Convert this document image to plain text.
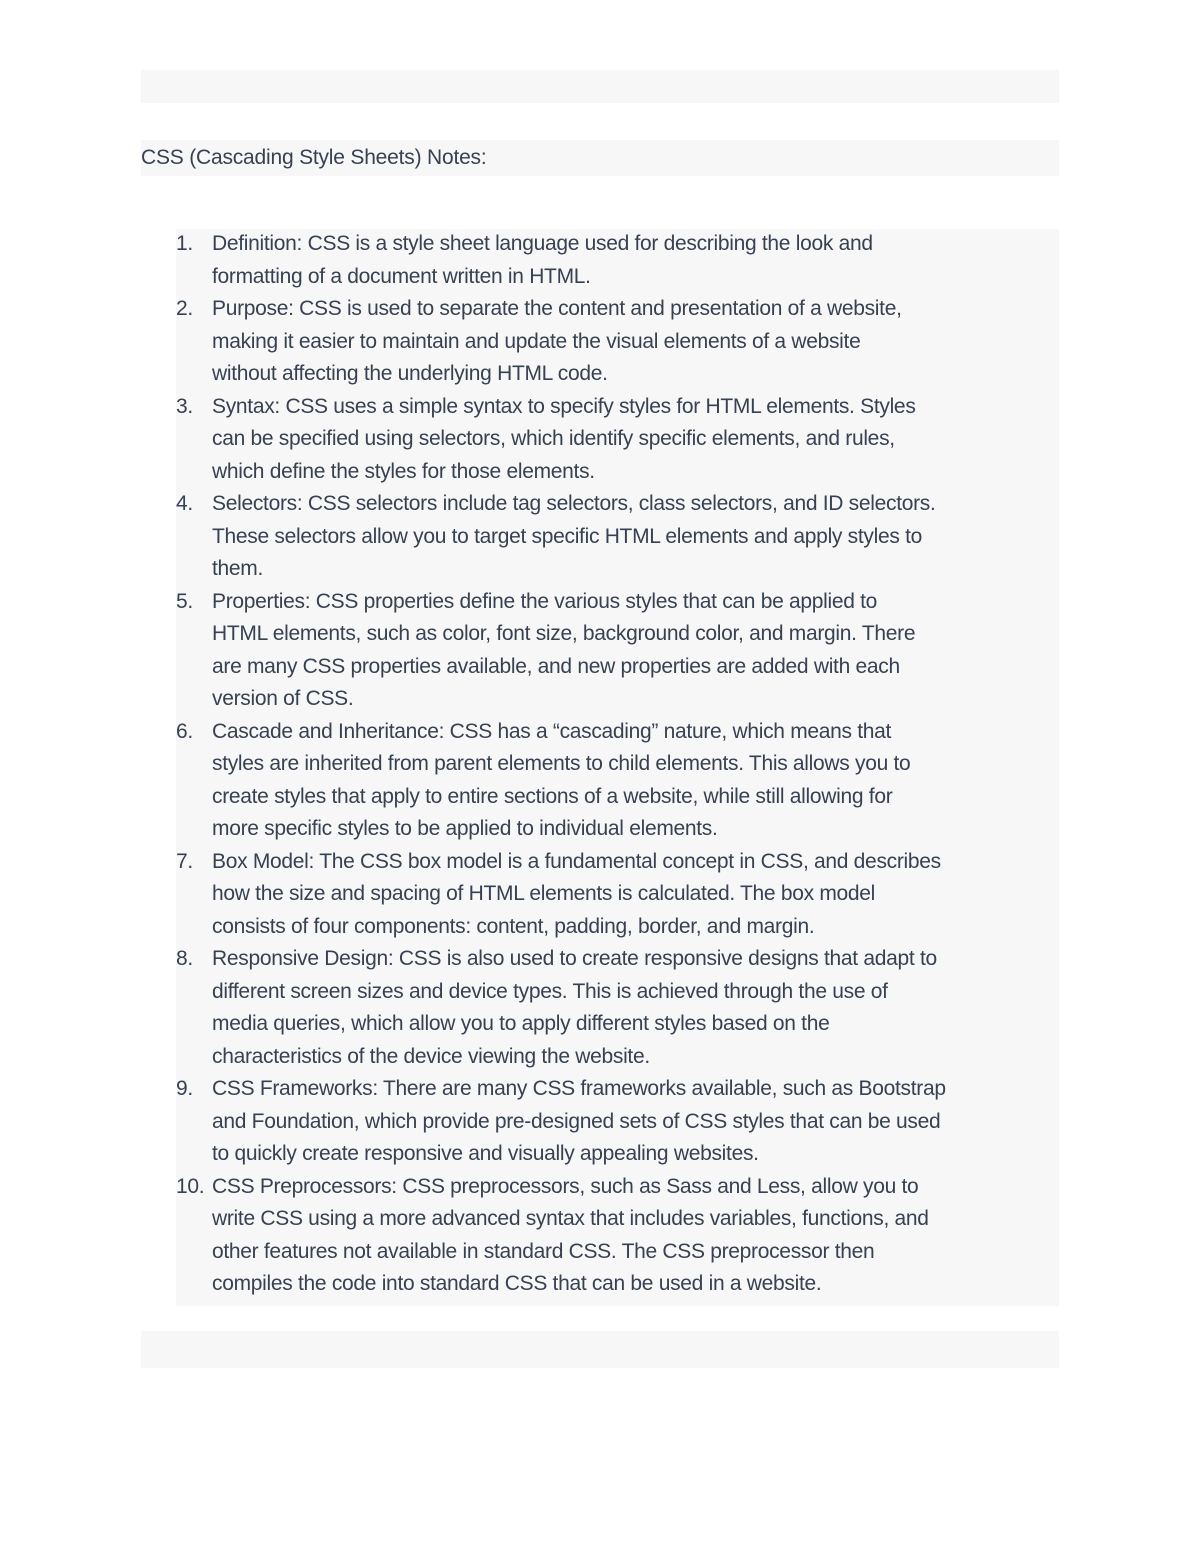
CSS (Cascading Style Sheets) Notes:
1. Definition: CSS is a style sheet language used for describing the look and
formatting of a document written in HTML.
2. Purpose: CSS is used to separate the content and presentation of a website,
making it easier to maintain and update the visual elements of a website
without affecting the underlying HTML code.
3. Syntax: CSS uses a simple syntax to specify styles for HTML elements. Styles
can be specified using selectors, which identify specific elements, and rules,
which define the styles for those elements.
4. Selectors: CSS selectors include tag selectors, class selectors, and ID selectors.
These selectors allow you to target specific HTML elements and apply styles to
them.
5. Properties: CSS properties define the various styles that can be applied to
HTML elements, such as color, font size, background color, and margin. There
are many CSS properties available, and new properties are added with each
version of CSS.
6. Cascade and Inheritance: CSS has a “cascading” nature, which means that
styles are inherited from parent elements to child elements. This allows you to
create styles that apply to entire sections of a website, while still allowing for
more specific styles to be applied to individual elements.
7. Box Model: The CSS box model is a fundamental concept in CSS, and describes
how the size and spacing of HTML elements is calculated. The box model
consists of four components: content, padding, border, and margin.
8. Responsive Design: CSS is also used to create responsive designs that adapt to
different screen sizes and device types. This is achieved through the use of
media queries, which allow you to apply different styles based on the
characteristics of the device viewing the website.
9. CSS Frameworks: There are many CSS frameworks available, such as Bootstrap
and Foundation, which provide pre-designed sets of CSS styles that can be used
to quickly create responsive and visually appealing websites.
10. CSS Preprocessors: CSS preprocessors, such as Sass and Less, allow you to
write CSS using a more advanced syntax that includes variables, functions, and
other features not available in standard CSS. The CSS preprocessor then
compiles the code into standard CSS that can be used in a website.
